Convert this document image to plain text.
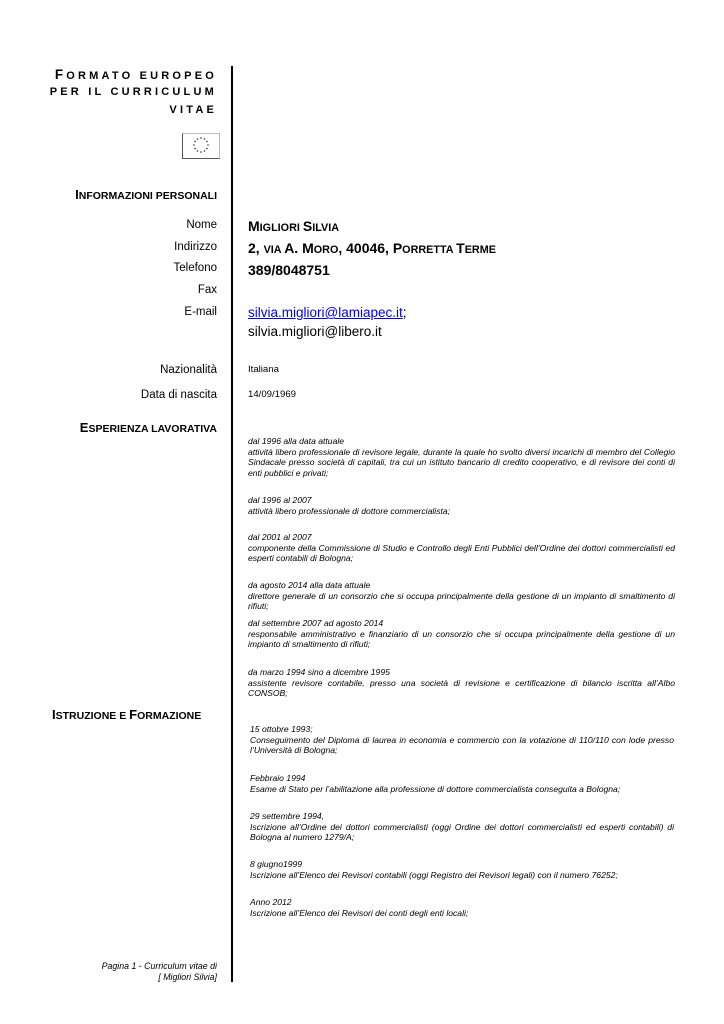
FORMATO EUROPEO
PER IL CURRICULUM
VITAE
INFORMAZIONI PERSONALI
Nome MIGLIORI SILVIA
Indirizzo 2, VIA A. MORO, 40046, PORRETTA TERME
Telefono 389/8048751
Fax
E-mail silvia.migliori@lamiapec.it;
silvia.migliori@libero.it
Nazionalità	Italiana
Data di nascita	14/09/1969
ESPERIENZA LAVORATIVA

dal 1996 alla data attuale

attività libero professionale di revisore legale, durante la quale ho svolto diversi incarichi di membro del Collegio Sindacale presso società di capitali, tra cui un istituto bancario di credito cooperativo, e di revisore dei conti di enti pubblici e privati;

dal 1996 al 2007

attività libero professionale di dottore commercialista;

dal 2001 al 2007

componente della Commissione di Studio e Controllo degli Enti Pubblici dell’Ordine dei dottori commercialisti ed esperti contabili di Bologna;

da agosto 2014 alla data attuale

direttore generale di un consorzio che si occupa principalmente della gestione di un impianto di smaltimento di rifiuti;

dal settembre 2007 ad agosto 2014

responsabile amministrativo e finanziario di un consorzio che si occupa principalmente della gestione di un impianto di smaltimento di rifiuti;

da marzo 1994 sino a dicembre 1995

assistente revisore contabile, presso una società di revisione e certificazione di bilancio iscritta all’Albo CONSOB;

ISTRUZIONE E FORMAZIONE

15 ottobre 1993;

Conseguimento del Diploma di laurea in economia e commercio con la votazione di 110/110 con lode presso l’Università di Bologna;

Febbraio 1994

Esame di Stato per l’abilitazione alla professione di dottore commercialista conseguita a Bologna;

29 settembre 1994,

Iscrizione all’Ordine dei dottori commercialisti (oggi Ordine dei dottori commercialisti ed esperti contabili) di Bologna al numero 1279/A;

8 giugno1999

Iscrizione all’Elenco dei Revisori contabili (oggi Registro dei Revisori legali) con il numero 76252;

Anno 2012

Iscrizione all’Elenco dei Revisori dei conti degli enti locali;

Pagina 1 - Curriculum vitae di
[ Migliori Silvia]
